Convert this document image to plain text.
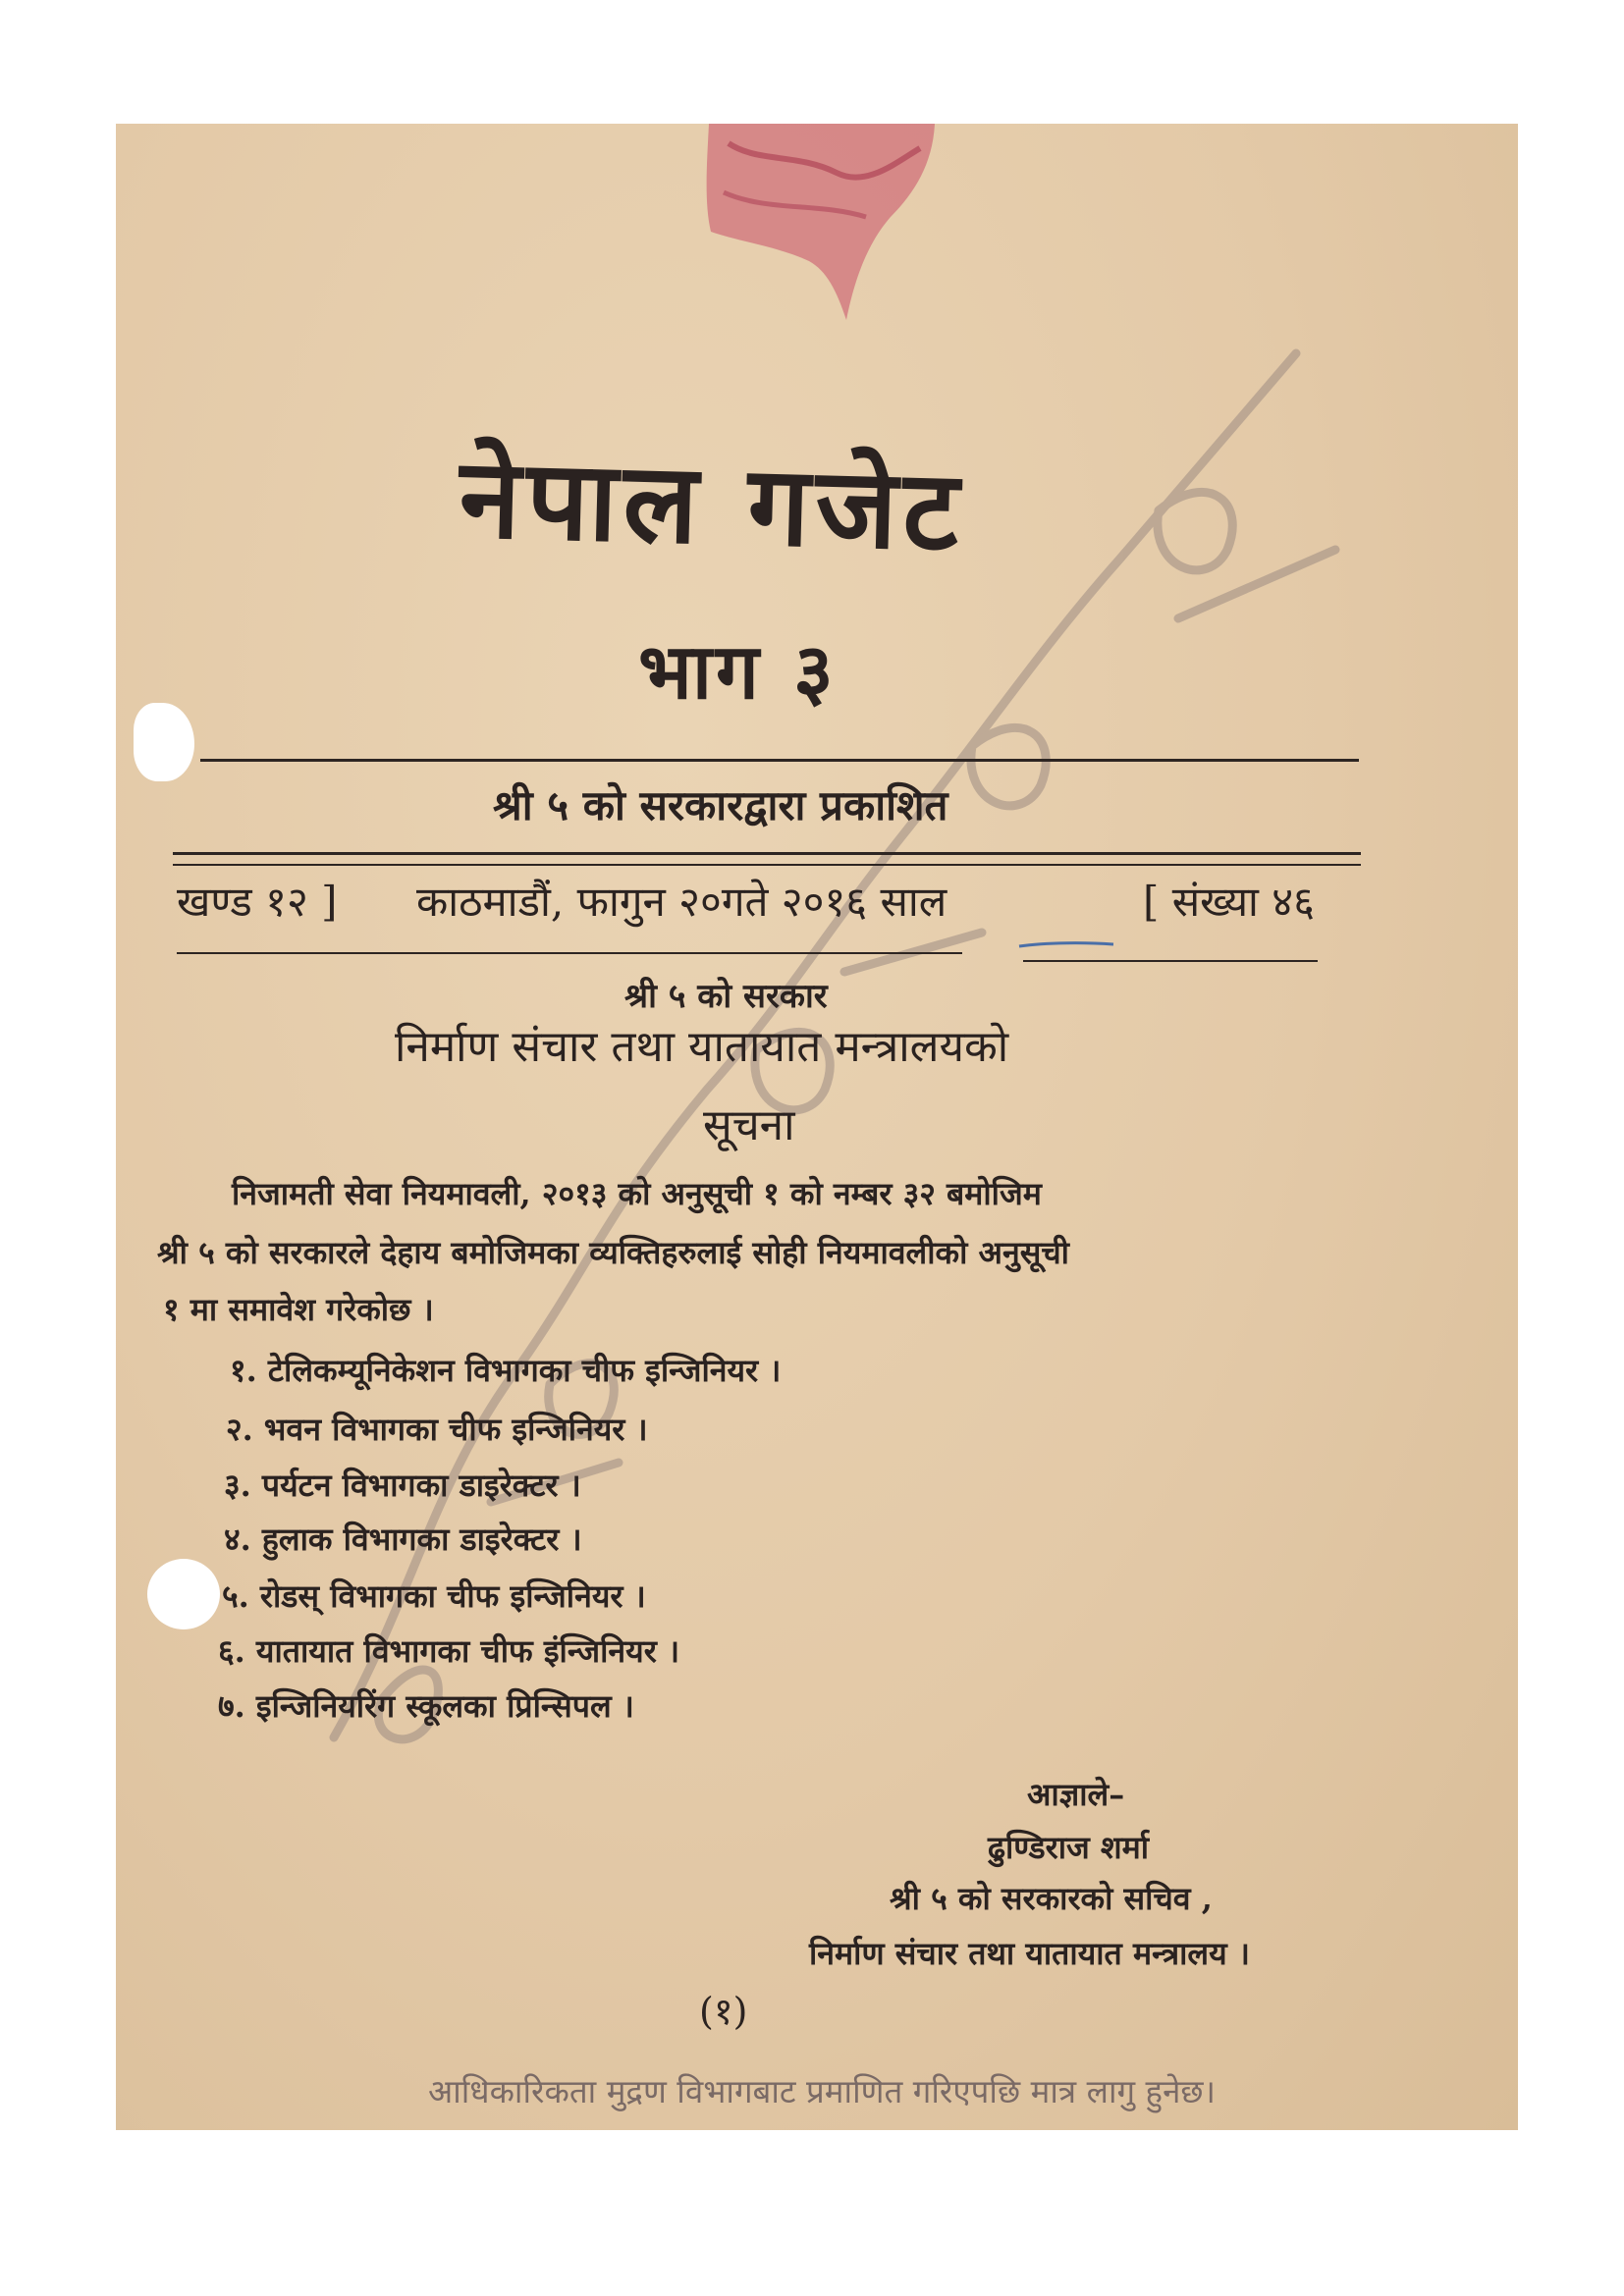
नेपाल गजेट
भाग ३
श्री ५ को सरकारद्वारा प्रकाशित
खण्ड १२ ] काठमाडौं, फागुन २०गते २०१६ साल	[ संख्या ४६
श्री ५ को सरकार
निर्माण संचार तथा यातायात मन्त्रालयको
सूचना
निजामती सेवा नियमावली, २०१३ को अनुसूची १ को नम्बर ३२ बमोजिम
श्री ५ को सरकारले देहाय बमोजिमका व्यक्तिहरुलाई सोही नियमावलीको अनुसूची
१ मा समावेश गरेकोछ ।
१. टेलिकम्यूनिकेशन विभागका चीफ इन्जिनियर ।
२. भवन विभागका चीफ इन्जिनियर ।
३. पर्यटन विभागका डाइरेक्टर ।
४. हुलाक विभागका डाइरेक्टर ।
५. रोडस् विभागका चीफ इन्जिनियर ।
६. यातायात विभागका चीफ इंन्जिनियर ।
७. इन्जिनियरिंग स्कूलका प्रिन्सिपल ।
आज्ञाले–
ढुण्डिराज शर्मा
श्री ५ को सरकारको सचिव ,
निर्माण संचार तथा यातायात मन्त्रालय ।
(१)
आधिकारिकता मुद्रण विभागबाट प्रमाणित गरिएपछि मात्र लागु हुनेछ।
